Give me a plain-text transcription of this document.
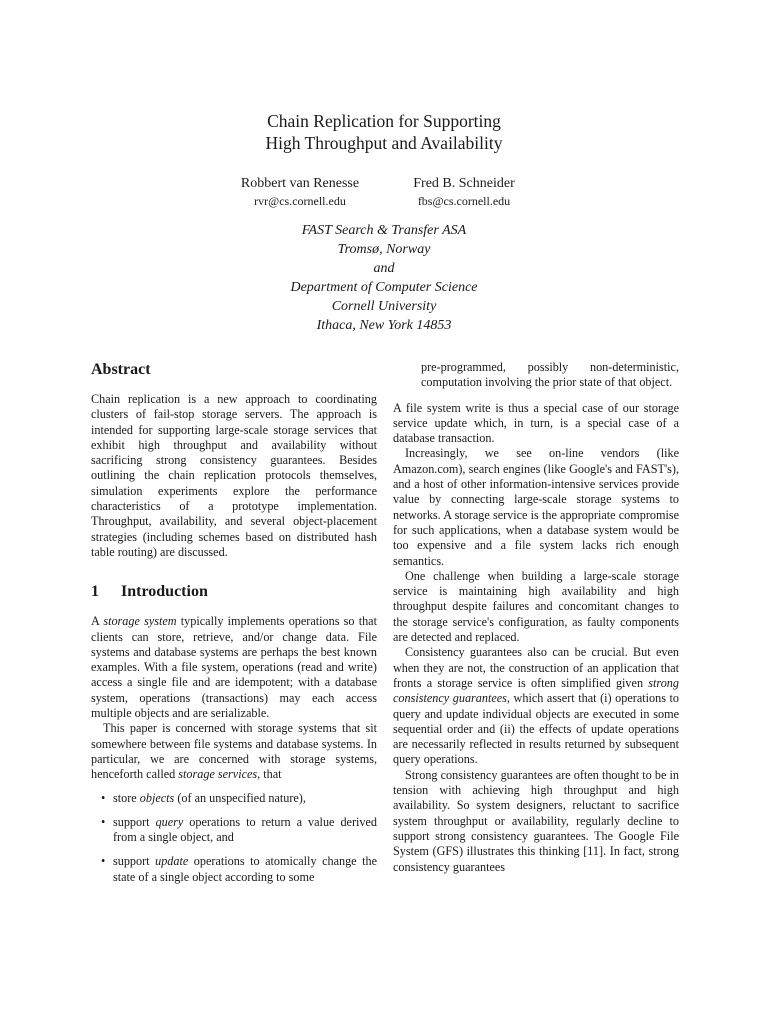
Chain Replication for Supporting
High Throughput and Availability
Robbert van Renesse
rvr@cs.cornell.edu
Fred B. Schneider
fbs@cs.cornell.edu
FAST Search & Transfer ASA
Tromsø, Norway
and
Department of Computer Science
Cornell University
Ithaca, New York 14853
Abstract

Chain replication is a new approach to coordinating clusters of fail-stop storage servers. The approach is intended for supporting large-scale storage services that exhibit high throughput and availability without sacrificing strong consistency guarantees. Besides outlining the chain replication protocols themselves, simulation experiments explore the performance characteristics of a prototype implementation. Throughput, availability, and several object-placement strategies (including schemes based on distributed hash table routing) are discussed.

1 Introduction

A storage system typically implements operations so that clients can store, retrieve, and/or change data. File systems and database systems are perhaps the best known examples. With a file system, operations (read and write) access a single file and are idempotent; with a database system, operations (transactions) may each access multiple objects and are serializable.

This paper is concerned with storage systems that sit somewhere between file systems and database systems. In particular, we are concerned with storage systems, henceforth called storage services, that

• store objects (of an unspecified nature),
• support query operations to return a value derived from a single object, and
• support update operations to atomically change the state of a single object according to some

pre-programmed, possibly non-deterministic, computation involving the prior state of that object.

A file system write is thus a special case of our storage service update which, in turn, is a special case of a database transaction.

Increasingly, we see on-line vendors (like Amazon.com), search engines (like Google's and FAST's), and a host of other information-intensive services provide value by connecting large-scale storage systems to networks. A storage service is the appropriate compromise for such applications, when a database system would be too expensive and a file system lacks rich enough semantics.

One challenge when building a large-scale storage service is maintaining high availability and high throughput despite failures and concomitant changes to the storage service's configuration, as faulty components are detected and replaced.

Consistency guarantees also can be crucial. But even when they are not, the construction of an application that fronts a storage service is often simplified given strong consistency guarantees, which assert that (i) operations to query and update individual objects are executed in some sequential order and (ii) the effects of update operations are necessarily reflected in results returned by subsequent query operations.

Strong consistency guarantees are often thought to be in tension with achieving high throughput and high availability. So system designers, reluctant to sacrifice system throughput or availability, regularly decline to support strong consistency guarantees. The Google File System (GFS) illustrates this thinking [11]. In fact, strong consistency guarantees
